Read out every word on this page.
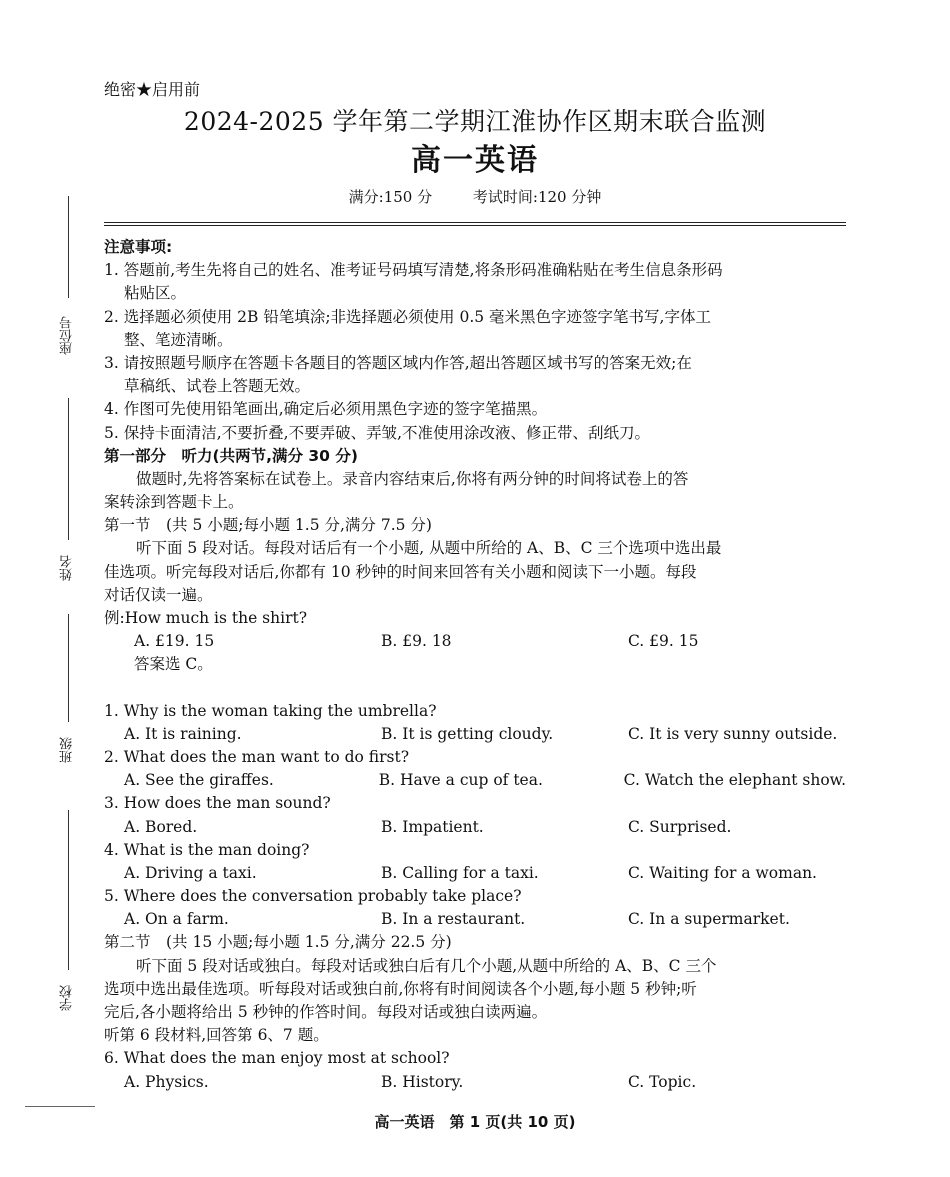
座位号
姓名
班级
学校
绝密★启用前
2024-2025 学年第二学期江淮协作区期末联合监测
高一英语
满分:150 分	考试时间:120 分钟
注意事项:
1. 答题前,考生先将自己的姓名、准考证号码填写清楚,将条形码准确粘贴在考生信息条形码
粘贴区。
2. 选择题必须使用 2B 铅笔填涂;非选择题必须使用 0.5 毫米黑色字迹签字笔书写,字体工
整、笔迹清晰。
3. 请按照题号顺序在答题卡各题目的答题区域内作答,超出答题区域书写的答案无效;在
草稿纸、试卷上答题无效。
4. 作图可先使用铅笔画出,确定后必须用黑色字迹的签字笔描黑。
5. 保持卡面清洁,不要折叠,不要弄破、弄皱,不准使用涂改液、修正带、刮纸刀。
第一部分　听力(共两节,满分 30 分)
做题时,先将答案标在试卷上。录音内容结束后,你将有两分钟的时间将试卷上的答
案转涂到答题卡上。
第一节　(共 5 小题;每小题 1.5 分,满分 7.5 分)
听下面 5 段对话。每段对话后有一个小题, 从题中所给的 A、B、C 三个选项中选出最
佳选项。听完每段对话后,你都有 10 秒钟的时间来回答有关小题和阅读下一小题。每段
对话仅读一遍。
例:How much is the shirt?
A. £19. 15	B. £9. 18	C. £9. 15
答案选 C。
1. Why is the woman taking the umbrella?
A. It is raining.	B. It is getting cloudy.	C. It is very sunny outside.
2. What does the man want to do first?
A. See the giraffes.	B. Have a cup of tea.	C. Watch the elephant show.
3. How does the man sound?
A. Bored.	B. Impatient.	C. Surprised.
4. What is the man doing?
A. Driving a taxi.	B. Calling for a taxi.	C. Waiting for a woman.
5. Where does the conversation probably take place?
A. On a farm.	B. In a restaurant.	C. In a supermarket.
第二节　(共 15 小题;每小题 1.5 分,满分 22.5 分)
听下面 5 段对话或独白。每段对话或独白后有几个小题,从题中所给的 A、B、C 三个
选项中选出最佳选项。听每段对话或独白前,你将有时间阅读各个小题,每小题 5 秒钟;听
完后,各小题将给出 5 秒钟的作答时间。每段对话或独白读两遍。
听第 6 段材料,回答第 6、7 题。
6. What does the man enjoy most at school?
A. Physics.	B. History.	C. Topic.
高一英语　第 1 页(共 10 页)
